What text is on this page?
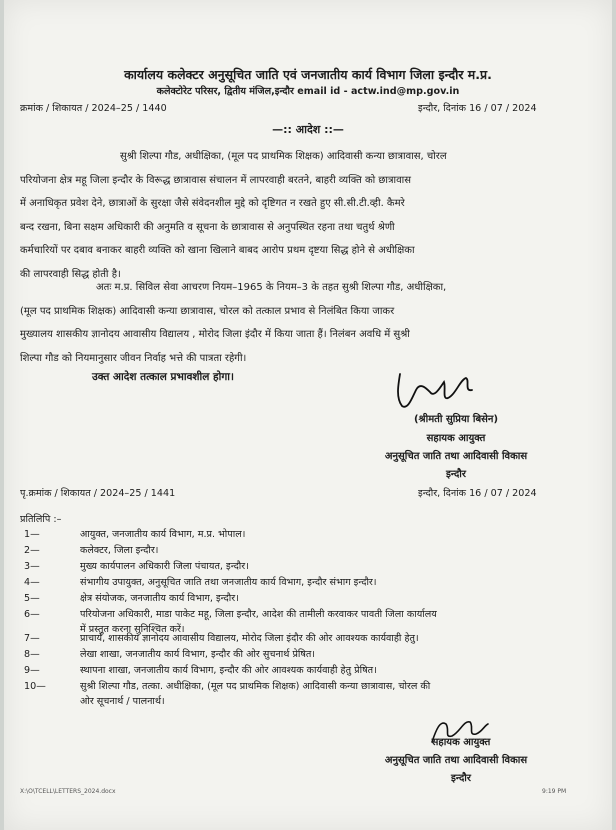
कार्यालय कलेक्टर अनुसूचित जाति एवं जनजातीय कार्य विभाग जिला इन्दौर म.प्र.
कलेक्टोरेट परिसर, द्वितीय मंजिल,इन्दौर email id - actw.ind@mp.gov.in
क्रमांक / शिकायत / 2024–25 / 1440	इन्दौर, दिनांक 16 / 07 / 2024
—:: आदेश ::—
सुश्री शिल्पा गौड, अधीक्षिका, (मूल पद प्राथमिक शिक्षक) आदिवासी कन्या छात्रावास, चोरल
परियोजना क्षेत्र महू जिला इन्दौर के विरूद्ध छात्रावास संचालन में लापरवाही बरतने, बाहरी व्यक्ति को छात्रावास
में अनाधिकृत प्रवेश देने, छात्राओं के सुरक्षा जैसे संवेदनशील मुद्दे को दृष्टिगत न रखते हुए सी.सी.टी.व्ही. कैमरे
बन्द रखना, बिना सक्षम अधिकारी की अनुमति व सूचना के छात्रावास से अनुपस्थित रहना तथा चतुर्थ श्रेणी
कर्मचारियों पर दबाव बनाकर बाहरी व्यक्ति को खाना खिलाने बाबद आरोप प्रथम दृष्टया सिद्ध होने से अधीक्षिका
की लापरवाही सिद्ध होती है।
अतः म.प्र. सिविल सेवा आचरण नियम–1965 के नियम–3 के तहत सुश्री शिल्पा गौड, अधीक्षिका,
(मूल पद प्राथमिक शिक्षक) आदिवासी कन्या छात्रावास, चोरल को तत्काल प्रभाव से निलंबित किया जाकर
मुख्यालय शासकीय ज्ञानोदय आवासीय विद्यालय , मोरोद जिला इंदौर में किया जाता हैं। निलंबन अवधि में सुश्री
शिल्पा गौड को नियमानुसार जीवन निर्वाह भत्ते की पात्रता रहेगी।
उक्त आदेश तत्काल प्रभावशील होगा।
(श्रीमती सुप्रिया बिसेन)
सहायक आयुक्त
अनुसूचित जाति तथा आदिवासी विकास
इन्दौर
पृ.क्रमांक / शिकायत / 2024–25 / 1441	इन्दौर, दिनांक 16 / 07 / 2024
प्रतिलिपि :–
1—	आयुक्त, जनजातीय कार्य विभाग, म.प्र. भोपाल।
2—	कलेक्टर, जिला इन्दौर।
3—	मुख्य कार्यपालन अधिकारी जिला पंचायत, इन्दौर।
4—	संभागीय उपायुक्त, अनुसूचित जाति तथा जनजातीय कार्य विभाग, इन्दौर संभाग इन्दौर।
5—	क्षेत्र संयोजक, जनजातीय कार्य विभाग, इन्दौर।
6—	परियोजना अधिकारी, माडा पाकेट महू, जिला इन्दौर, आदेश की तामीली करवाकर पावती जिला कार्यालय
में प्रस्तुत करना सुनिश्चित करें।
7—	प्राचार्य, शासकीय ज्ञानोदय आवासीय विद्यालय, मोरोद जिला इंदौर की ओर आवश्यक कार्यवाही हेतु।
8—	लेखा शाखा, जनजातीय कार्य विभाग, इन्दौर की ओर सुचनार्थ प्रेषित।
9—	स्थापना शाखा, जनजातीय कार्य विभाग, इन्दौर की ओर आवश्यक कार्यवाही हेतु प्रेषित।
10—	सुश्री शिल्पा गौड, तत्का. अधीक्षिका, (मूल पद प्राथमिक शिक्षक) आदिवासी कन्या छात्रावास, चोरल की
ओर सूचनार्थ / पालनार्थ।
सहायक आयुक्त
अनुसूचित जाति तथा आदिवासी विकास
इन्दौर
X:\O\TCELL\LETTERS_2024.docx	9:19 PM
